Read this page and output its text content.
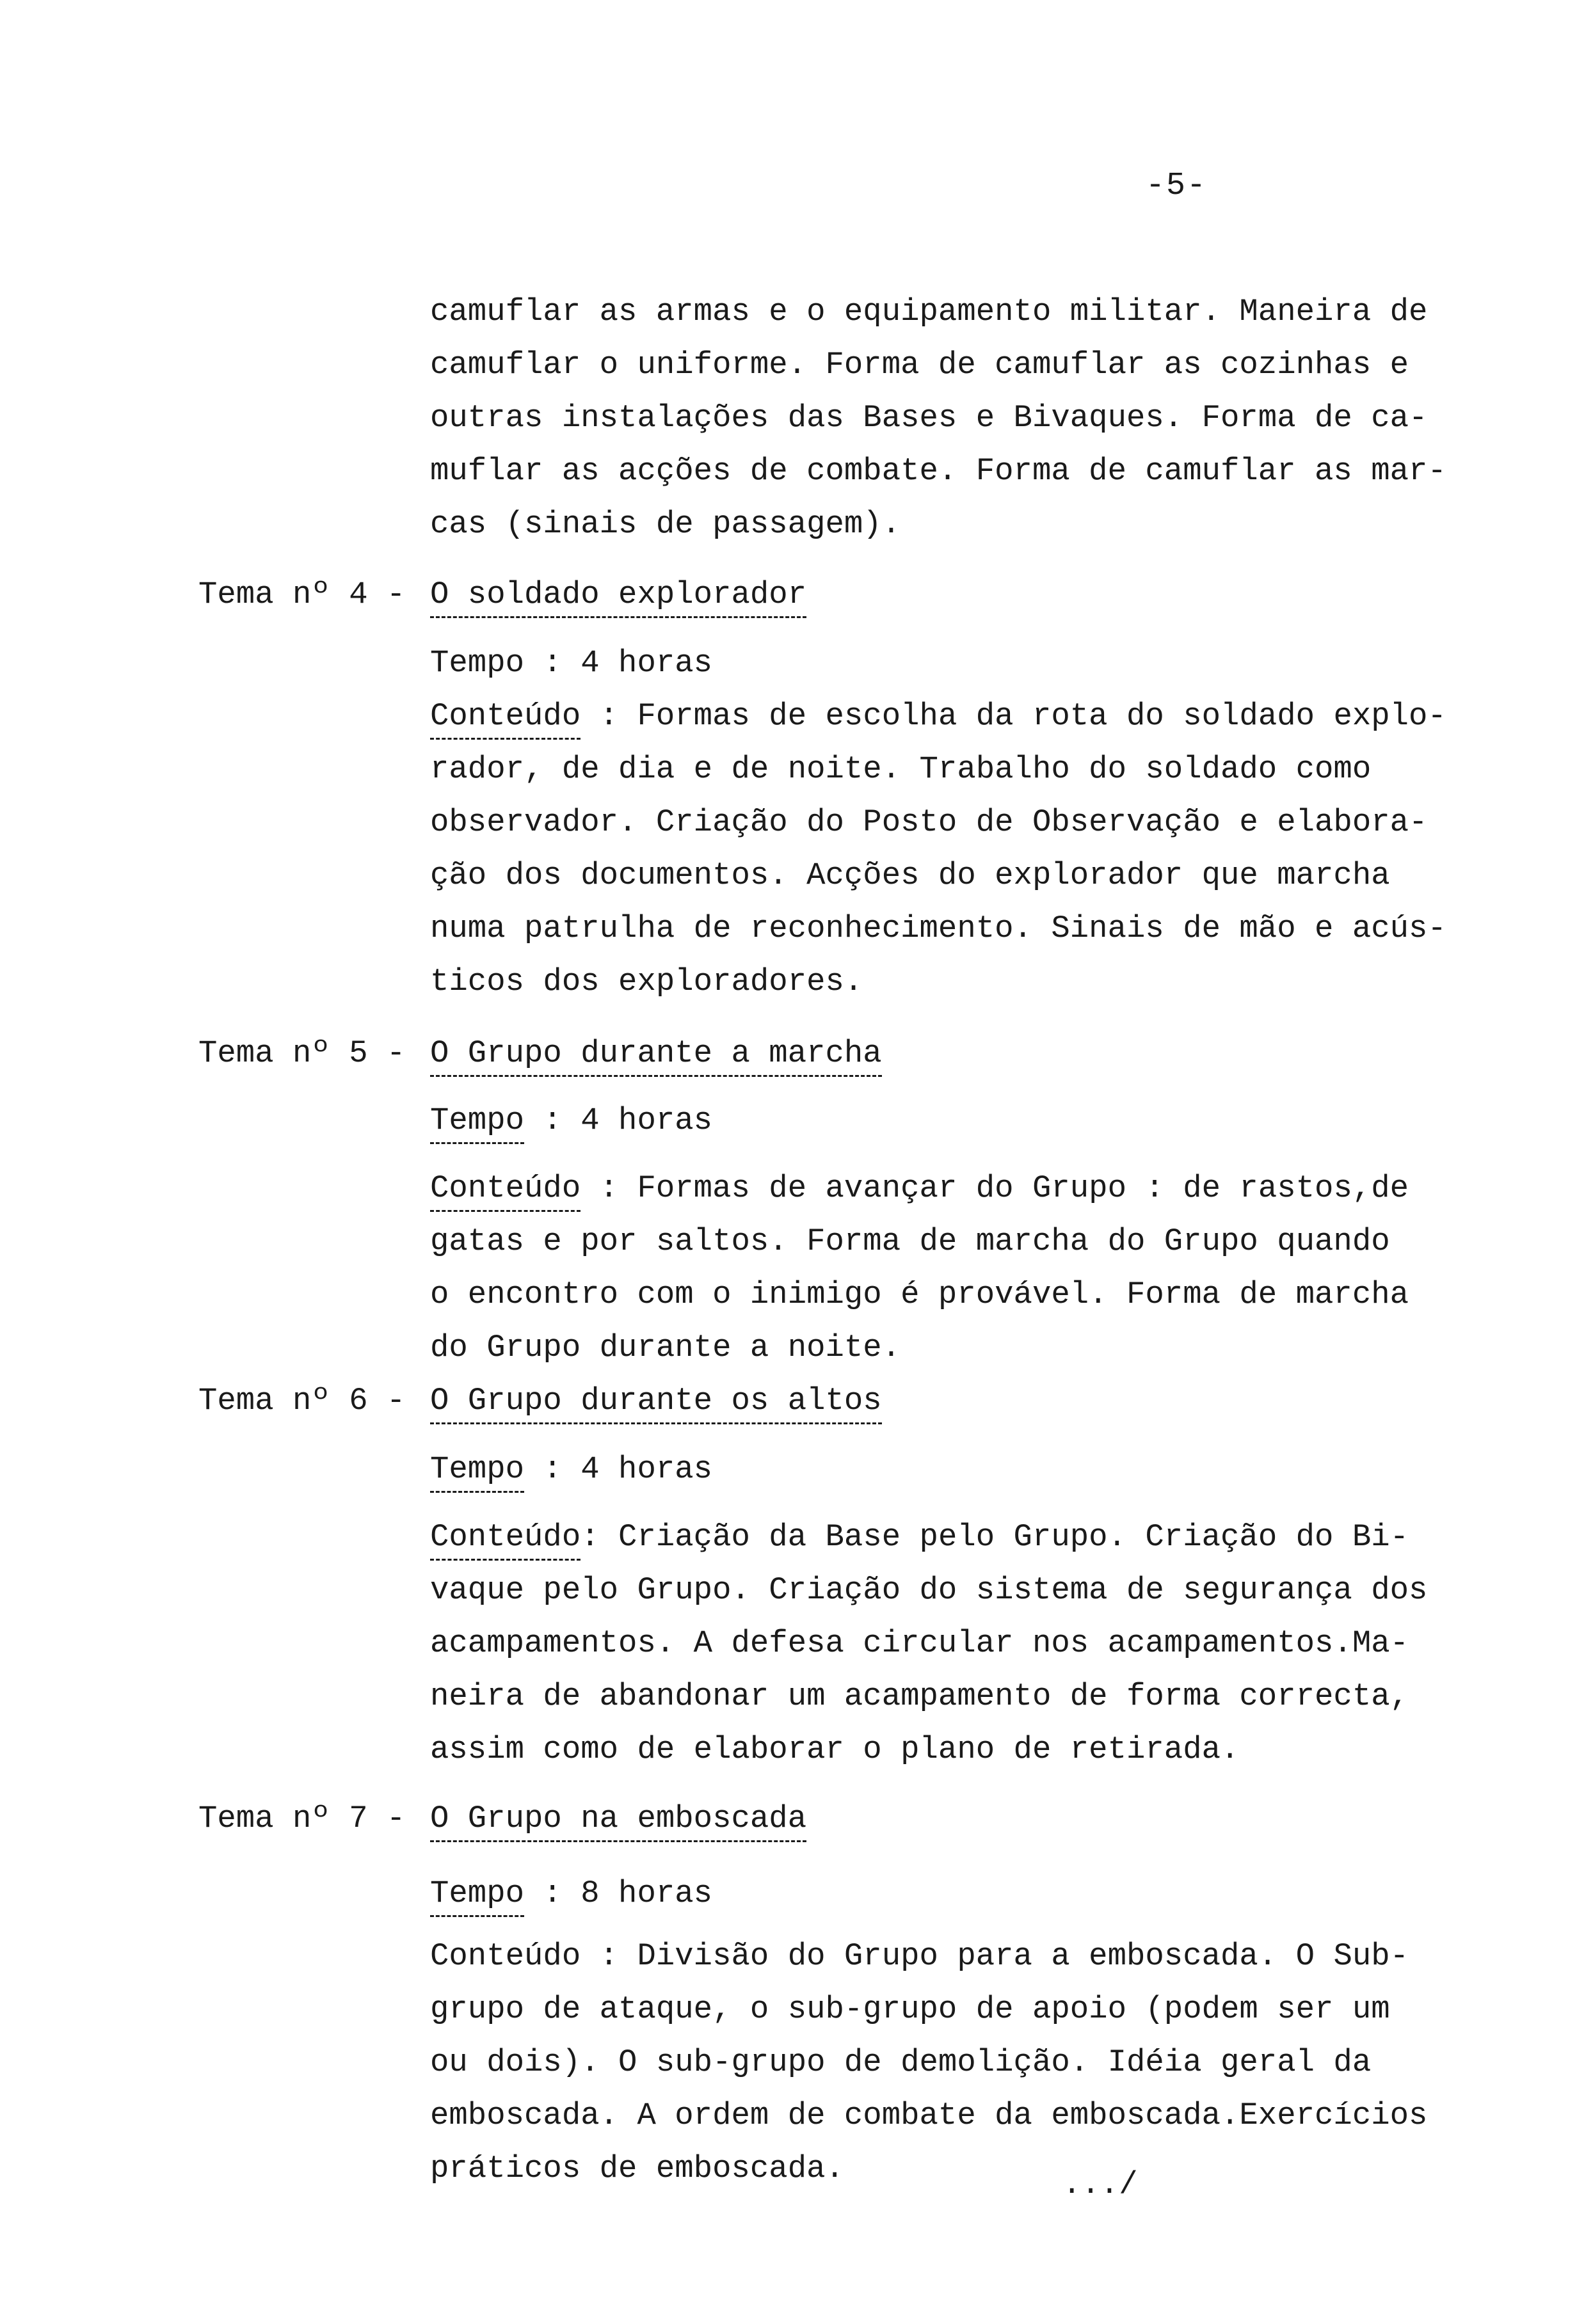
-5-
camuflar as armas e o equipamento militar. Maneira de
camuflar o uniforme. Forma de camuflar as cozinhas e
outras instalações das Bases e Bivaques. Forma de ca-
muflar as acções de combate. Forma de camuflar as mar-
cas (sinais de passagem).
Tema nº 4 - O soldado explorador
Tempo : 4 horas
Conteúdo : Formas de escolha da rota do soldado explo-
rador, de dia e de noite. Trabalho do soldado como
observador. Criação do Posto de Observação e elabora-
ção dos documentos. Acções do explorador que marcha
numa patrulha de reconhecimento. Sinais de mão e acús-
ticos dos exploradores.
Tema nº 5 - O Grupo durante a marcha
Tempo : 4 horas
Conteúdo : Formas de avançar do Grupo : de rastos,de
gatas e por saltos. Forma de marcha do Grupo quando
o encontro com o inimigo é provável. Forma de marcha
do Grupo durante a noite.
Tema nº 6 - O Grupo durante os altos
Tempo : 4 horas
Conteúdo: Criação da Base pelo Grupo. Criação do Bi-
vaque pelo Grupo. Criação do sistema de segurança dos
acampamentos. A defesa circular nos acampamentos.Ma-
neira de abandonar um acampamento de forma correcta,
assim como de elaborar o plano de retirada.
Tema nº 7 - O Grupo na emboscada
Tempo : 8 horas
Conteúdo : Divisão do Grupo para a emboscada. O Sub-
grupo de ataque, o sub-grupo de apoio (podem ser um
ou dois). O sub-grupo de demolição. Idéia geral da
emboscada. A ordem de combate da emboscada.Exercícios
práticos de emboscada.	.../
